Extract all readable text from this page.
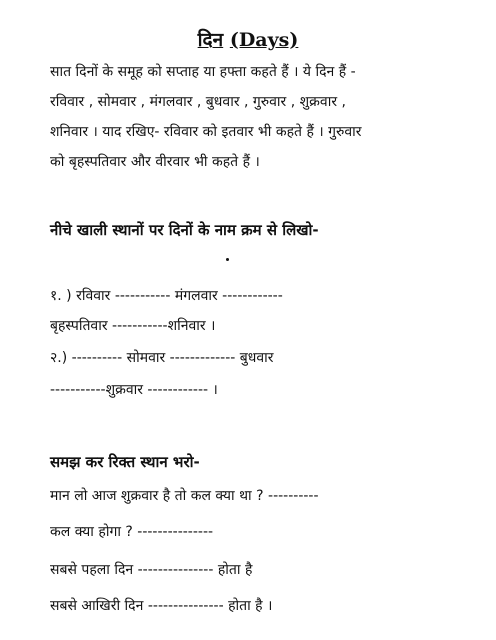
दिन (Days)
सात दिनों के समूह को सप्ताह या हफ्ता कहते हैं । ये दिन हैं -
रविवार , सोमवार , मंगलवार , बुधवार , गुरुवार , शुक्रवार ,
शनिवार । याद रखिए- रविवार को इतवार भी कहते हैं । गुरुवार
को बृहस्पतिवार और वीरवार भी कहते हैं ।
नीचे खाली स्थानों पर दिनों के नाम क्रम से लिखो-
१. ) रविवार ----------- मंगलवार ------------
बृहस्पतिवार -----------शनिवार ।
२.) ---------- सोमवार ------------- बुधवार
-----------शुक्रवार ------------ ।
समझ कर रिक्त स्थान भरो-
मान लो आज शुक्रवार है तो कल क्या था ? ----------
कल क्या होगा ? ---------------
सबसे पहला दिन --------------- होता है
सबसे आखिरी दिन --------------- होता है ।
